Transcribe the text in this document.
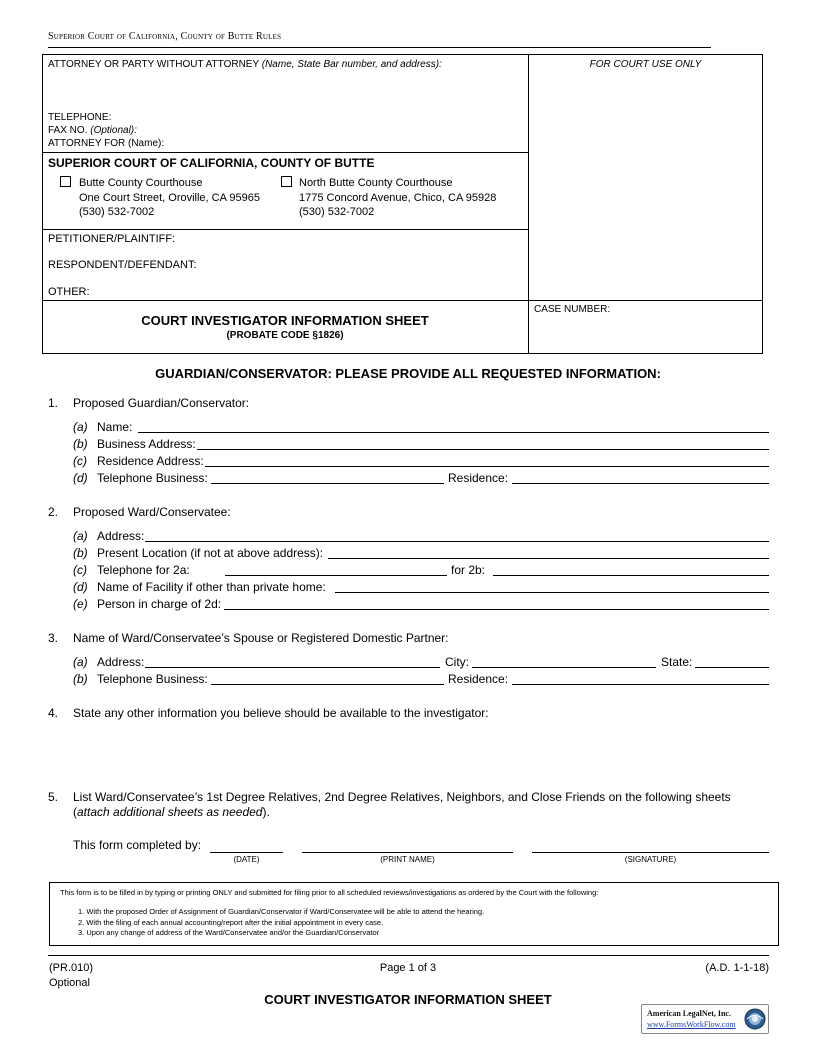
Superior Court of California, County of Butte Rules
ATTORNEY OR PARTY WITHOUT ATTORNEY (Name, State Bar number, and address):	FOR COURT USE ONLY
TELEPHONE:
FAX NO. (Optional):
ATTORNEY FOR (Name):
SUPERIOR COURT OF CALIFORNIA, COUNTY OF BUTTE
Butte County Courthouse
One Court Street, Oroville, CA 95965
(530) 532-7002
North Butte County Courthouse
1775 Concord Avenue, Chico, CA 95928
(530) 532-7002
PETITIONER/PLAINTIFF:
RESPONDENT/DEFENDANT:
OTHER:
COURT INVESTIGATOR INFORMATION SHEET
(PROBATE CODE §1826)
CASE NUMBER:
GUARDIAN/CONSERVATOR: PLEASE PROVIDE ALL REQUESTED INFORMATION:
1. Proposed Guardian/Conservator:
(a) Name:
(b) Business Address:
(c) Residence Address:
(d) Telephone Business:	Residence:
2. Proposed Ward/Conservatee:
(a) Address:
(b) Present Location (if not at above address):
(c) Telephone for 2a:	for 2b:
(d) Name of Facility if other than private home:
(e) Person in charge of 2d:
3. Name of Ward/Conservatee’s Spouse or Registered Domestic Partner:
(a) Address:	City:	State:
(b) Telephone Business:	Residence:
4. State any other information you believe should be available to the investigator:
5. List Ward/Conservatee’s 1st Degree Relatives, 2nd Degree Relatives, Neighbors, and Close Friends on the following sheets
(attach additional sheets as needed).
This form completed by:
(DATE)	(PRINT NAME)	(SIGNATURE)
This form is to be filled in by typing or printing ONLY and submitted for filing prior to all scheduled reviews/investigations as ordered by the Court with the following:
1. With the proposed Order of Assignment of Guardian/Conservator if Ward/Conservatee will be able to attend the hearing.
2. With the filing of each annual accounting/report after the initial appointment in every case.
3. Upon any change of address of the Ward/Conservatee and/or the Guardian/Conservator
(PR.010)
Optional
Page 1 of 3	(A.D. 1-1-18)
COURT INVESTIGATOR INFORMATION SHEET
American LegalNet, Inc.
www.FormsWorkFlow.com
